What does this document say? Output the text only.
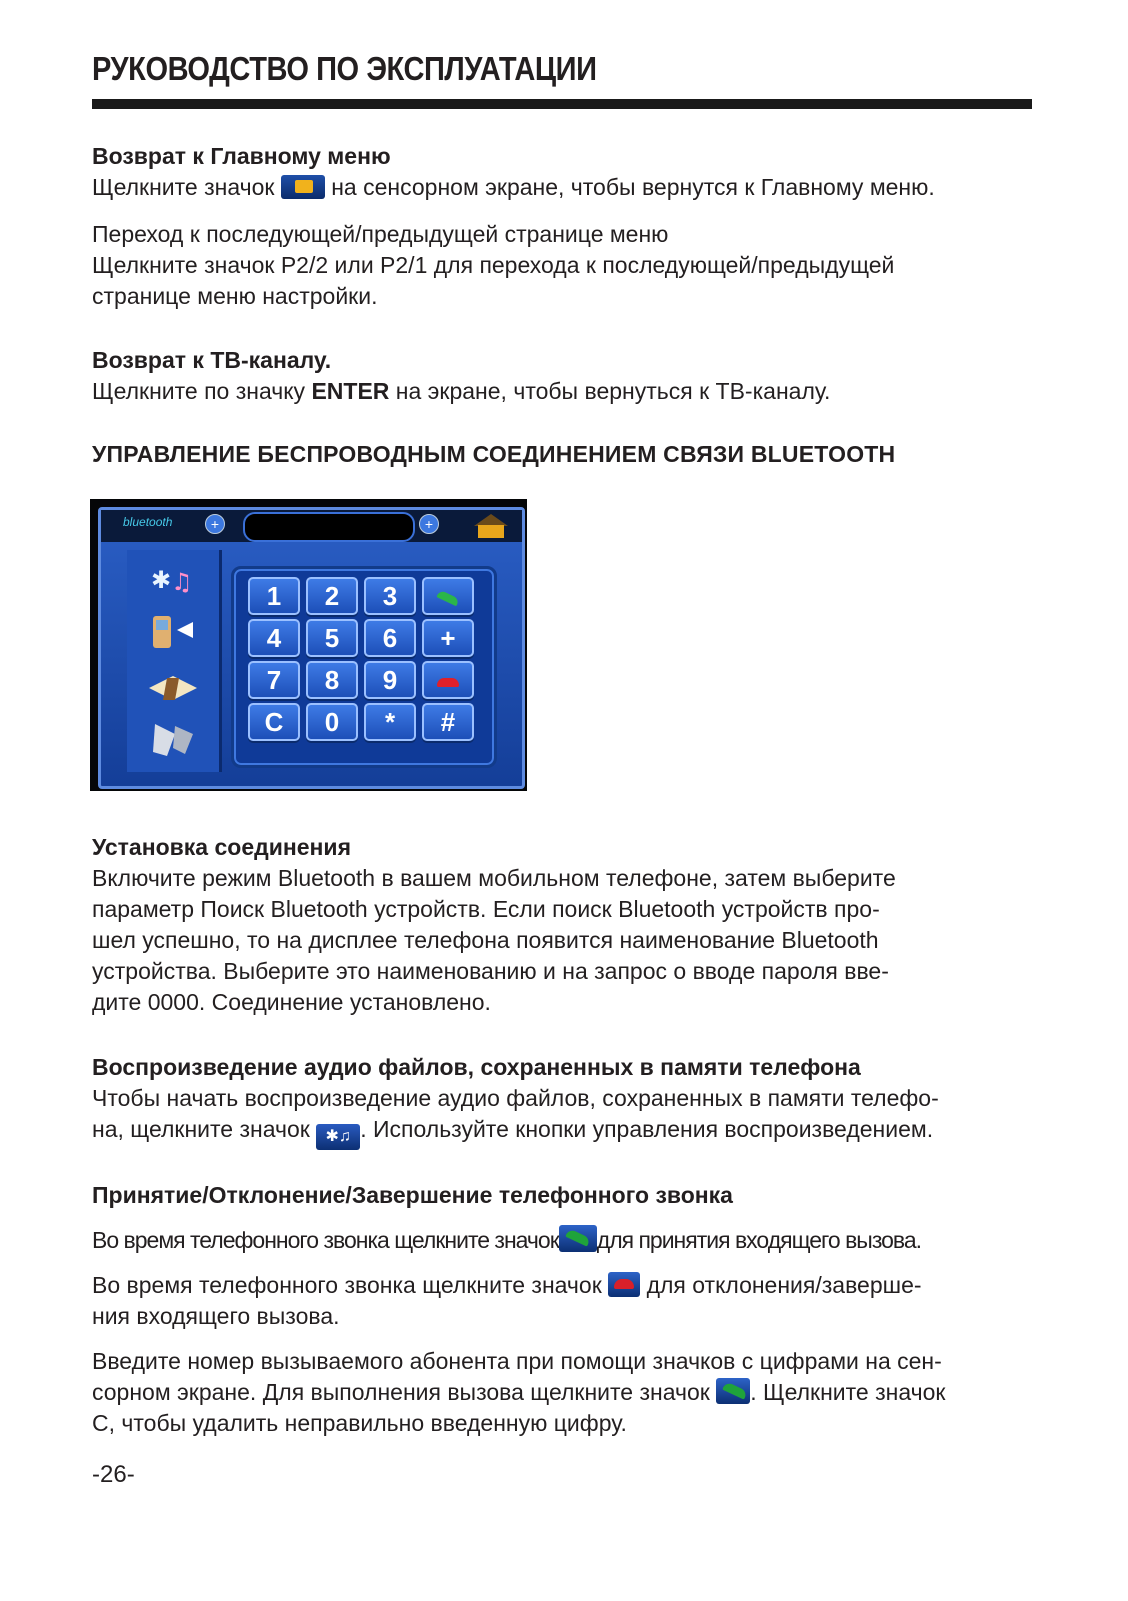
РУКОВОДСТВО ПО ЭКСПЛУАТАЦИИ
Возврат к Главному меню
Щелкните значок на сенсорном экране, чтобы вернутся к Главному меню.
Переход к последующей/предыдущей странице меню
Щелкните значок P2/2 или P2/1 для перехода к последующей/предыдущей
странице меню настройки.
Возврат к ТВ-каналу.
Щелкните по значку ENTER на экране, чтобы вернуться к ТВ-каналу.
УПРАВЛЕНИЕ БЕСПРОВОДНЫМ СОЕДИНЕНИЕМ СВЯЗИ BLUETOOTH
bluetooth	+	+
✱ ♫	1	2	3
4	5	6	+
7	8	9
C	0	*	#
Установка соединения
Включите режим Bluetooth в вашем мобильном телефоне, затем выберите
параметр Поиск Bluetooth устройств. Если поиск Bluetooth устройств про-
шел успешно, то на дисплее телефона появится наименование Bluetooth
устройства. Выберите это наименованию и на запрос о вводе пароля вве-
дите 0000. Соединение установлено.
Воспроизведение аудио файлов, сохраненных в памяти телефона
Чтобы начать воспроизведение аудио файлов, сохраненных в памяти телефо-
на, щелкните значок ✱♫ . Используйте кнопки управления воспроизведением.
Принятие/Отклонение/Завершение телефонного звонка
Во время телефонного звонка щелкните значок для принятия входящего вызова.
Во время телефонного звонка щелкните значок для отклонения/заверше-
ния входящего вызова.
Введите номер вызываемого абонента при помощи значков с цифрами на сен-
сорном экране. Для выполнения вызова щелкните значок . Щелкните значок
С, чтобы удалить неправильно введенную цифру.
-26-
